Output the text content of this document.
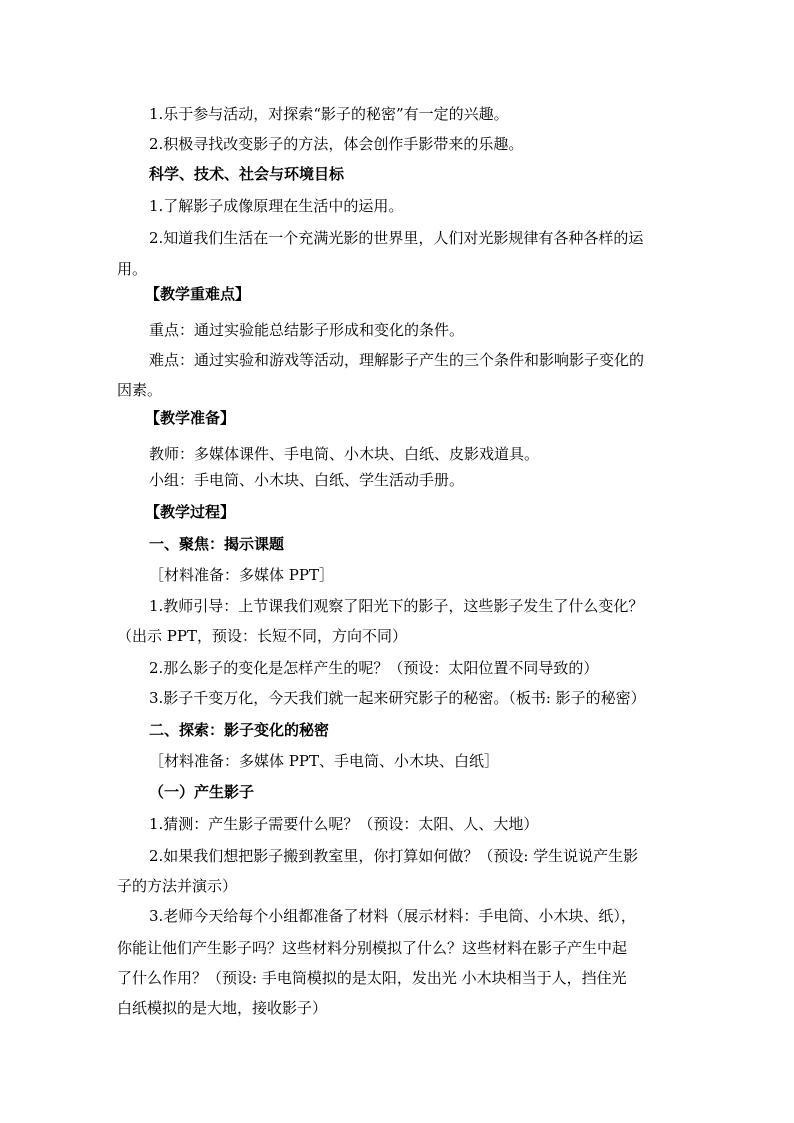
1.乐于参与活动，对探索“影子的秘密”有一定的兴趣。

2.积极寻找改变影子的方法，体会创作手影带来的乐趣。

科学、技术、社会与环境目标

1.了解影子成像原理在生活中的运用。

2.知道我们生活在一个充满光影的世界里，人们对光影规律有各种各样的运

用。

【教学重难点】

重点：通过实验能总结影子形成和变化的条件。

难点：通过实验和游戏等活动，理解影子产生的三个条件和影响影子变化的

因素。

【教学准备】

教师：多媒体课件、手电筒、小木块、白纸、皮影戏道具。

小组：手电筒、小木块、白纸、学生活动手册。

【教学过程】

一、聚焦：揭示课题

［材料准备：多媒体 PPT］

1.教师引导：上节课我们观察了阳光下的影子，这些影子发生了什么变化？

（出示 PPT，预设：长短不同，方向不同）

2.那么影子的变化是怎样产生的呢？（预设：太阳位置不同导致的）

3.影子千变万化，今天我们就一起来研究影子的秘密。（板书: 影子的秘密）

二、探索：影子变化的秘密

［材料准备：多媒体 PPT、手电筒、小木块、白纸］

（一）产生影子

1.猜测：产生影子需要什么呢？（预设：太阳、人、大地）

2.如果我们想把影子搬到教室里，你打算如何做？（预设: 学生说说产生影

子的方法并演示）

3.老师今天给每个小组都准备了材料（展示材料：手电筒、小木块、纸），

你能让他们产生影子吗？这些材料分别模拟了什么？这些材料在影子产生中起

了什么作用？（预设: 手电筒模拟的是太阳，发出光 小木块相当于人，挡住光

白纸模拟的是大地，接收影子）
